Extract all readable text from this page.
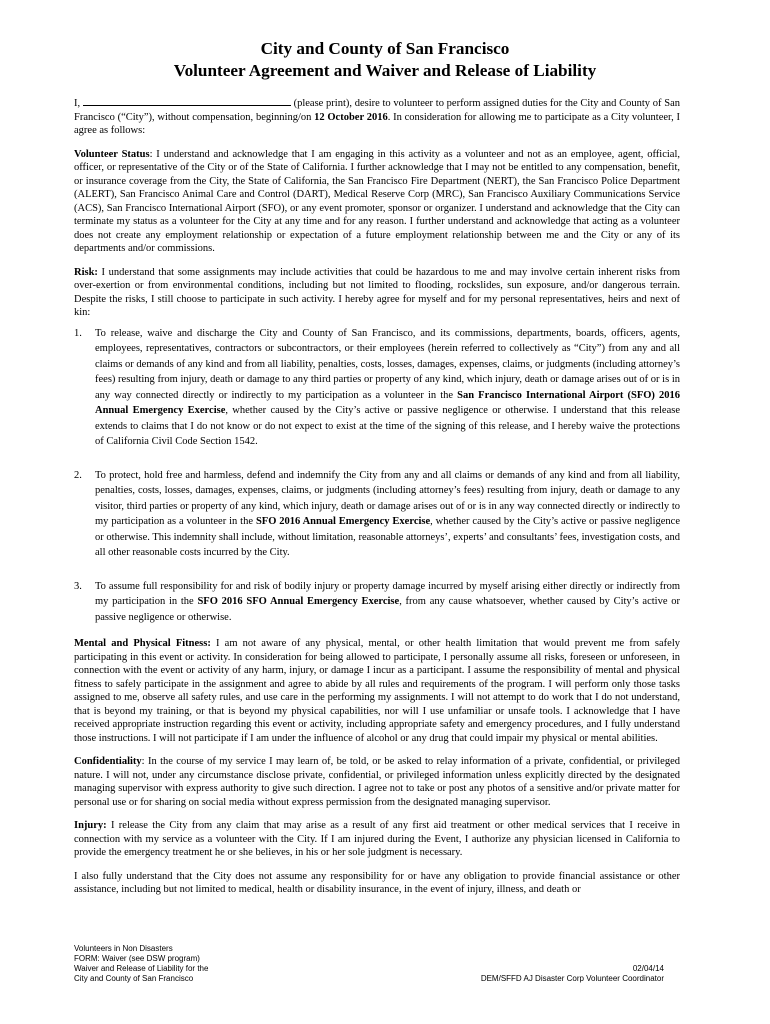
City and County of San Francisco
Volunteer Agreement and Waiver and Release of Liability

I,	(please print), desire to volunteer to perform assigned duties for the City and County of San Francisco (“City”), without compensation, beginning/on 12 October 2016. In consideration for allowing me to participate as a City volunteer, I agree as follows:

Volunteer Status: I understand and acknowledge that I am engaging in this activity as a volunteer and not as an employee, agent, official, officer, or representative of the City or of the State of California. I further acknowledge that I may not be entitled to any compensation, benefit, or insurance coverage from the City, the State of California, the San Francisco Fire Department (NERT), the San Francisco Police Department (ALERT), San Francisco Animal Care and Control (DART), Medical Reserve Corp (MRC), San Francisco Auxiliary Communications Service (ACS), San Francisco International Airport (SFO), or any event promoter, sponsor or organizer. I understand and acknowledge that the City can terminate my status as a volunteer for the City at any time and for any reason. I further understand and acknowledge that acting as a volunteer does not create any employment relationship or expectation of a future employment relationship between me and the City or any of its departments and/or commissions.

Risk: I understand that some assignments may include activities that could be hazardous to me and may involve certain inherent risks from over-exertion or from environmental conditions, including but not limited to flooding, rockslides, sun exposure, and/or dangerous terrain. Despite the risks, I still choose to participate in such activity. I hereby agree for myself and for my personal representatives, heirs and next of kin:

1. To release, waive and discharge the City and County of San Francisco, and its commissions, departments, boards, officers, agents, employees, representatives, contractors or subcontractors, or their employees (herein referred to collectively as “City”) from any and all claims or demands of any kind and from all liability, penalties, costs, losses, damages, expenses, claims, or judgments (including attorney’s fees) resulting from injury, death or damage to any third parties or property of any kind, which injury, death or damage arises out of or is in any way connected directly or indirectly to my participation as a volunteer in the San Francisco International Airport (SFO) 2016 Annual Emergency Exercise, whether caused by the City’s active or passive negligence or otherwise. I understand that this release extends to claims that I do not know or do not expect to exist at the time of the signing of this release, and I hereby waive the protections of California Civil Code Section 1542.
2. To protect, hold free and harmless, defend and indemnify the City from any and all claims or demands of any kind and from all liability, penalties, costs, losses, damages, expenses, claims, or judgments (including attorney’s fees) resulting from injury, death or damage to any visitor, third parties or property of any kind, which injury, death or damage arises out of or is in any way connected directly or indirectly to my participation as a volunteer in the SFO 2016 Annual Emergency Exercise, whether caused by the City’s active or passive negligence or otherwise. This indemnity shall include, without limitation, reasonable attorneys’, experts’ and consultants’ fees, investigation costs, and all other reasonable costs incurred by the City.
3. To assume full responsibility for and risk of bodily injury or property damage incurred by myself arising either directly or indirectly from my participation in the SFO 2016 SFO Annual Emergency Exercise, from any cause whatsoever, whether caused by City’s active or passive negligence or otherwise.

Mental and Physical Fitness: I am not aware of any physical, mental, or other health limitation that would prevent me from safely participating in this event or activity. In consideration for being allowed to participate, I personally assume all risks, foreseen or unforeseen, in connection with the event or activity of any harm, injury, or damage I incur as a participant. I assume the responsibility of mental and physical fitness to safely participate in the assignment and agree to abide by all rules and requirements of the program. I will perform only those tasks assigned to me, observe all safety rules, and use care in the performing my assignments. I will not attempt to do work that I do not understand, that is beyond my training, or that is beyond my physical capabilities, nor will I use unfamiliar or unsafe tools. I acknowledge that I have received appropriate instruction regarding this event or activity, including appropriate safety and emergency procedures, and I fully understand those instructions. I will not participate if I am under the influence of alcohol or any drug that could impair my physical or mental abilities.

Confidentiality: In the course of my service I may learn of, be told, or be asked to relay information of a private, confidential, or privileged nature. I will not, under any circumstance disclose private, confidential, or privileged information unless explicitly directed by the designated managing supervisor with express authority to give such direction. I agree not to take or post any photos of a sensitive and/or private matter for personal use or for sharing on social media without express permission from the designated managing supervisor.

Injury: I release the City from any claim that may arise as a result of any first aid treatment or other medical services that I receive in connection with my service as a volunteer with the City. If I am injured during the Event, I authorize any physician licensed in California to provide the emergency treatment he or she believes, in his or her sole judgment is necessary.

I also fully understand that the City does not assume any responsibility for or have any obligation to provide financial assistance or other assistance, including but not limited to medical, health or disability insurance, in the event of injury, illness, and death or

Volunteers in Non Disasters
FORM: Waiver (see DSW program)
Waiver and Release of Liability for the
City and County of San Francisco
02/04/14
DEM/SFFD AJ Disaster Corp Volunteer Coordinator
